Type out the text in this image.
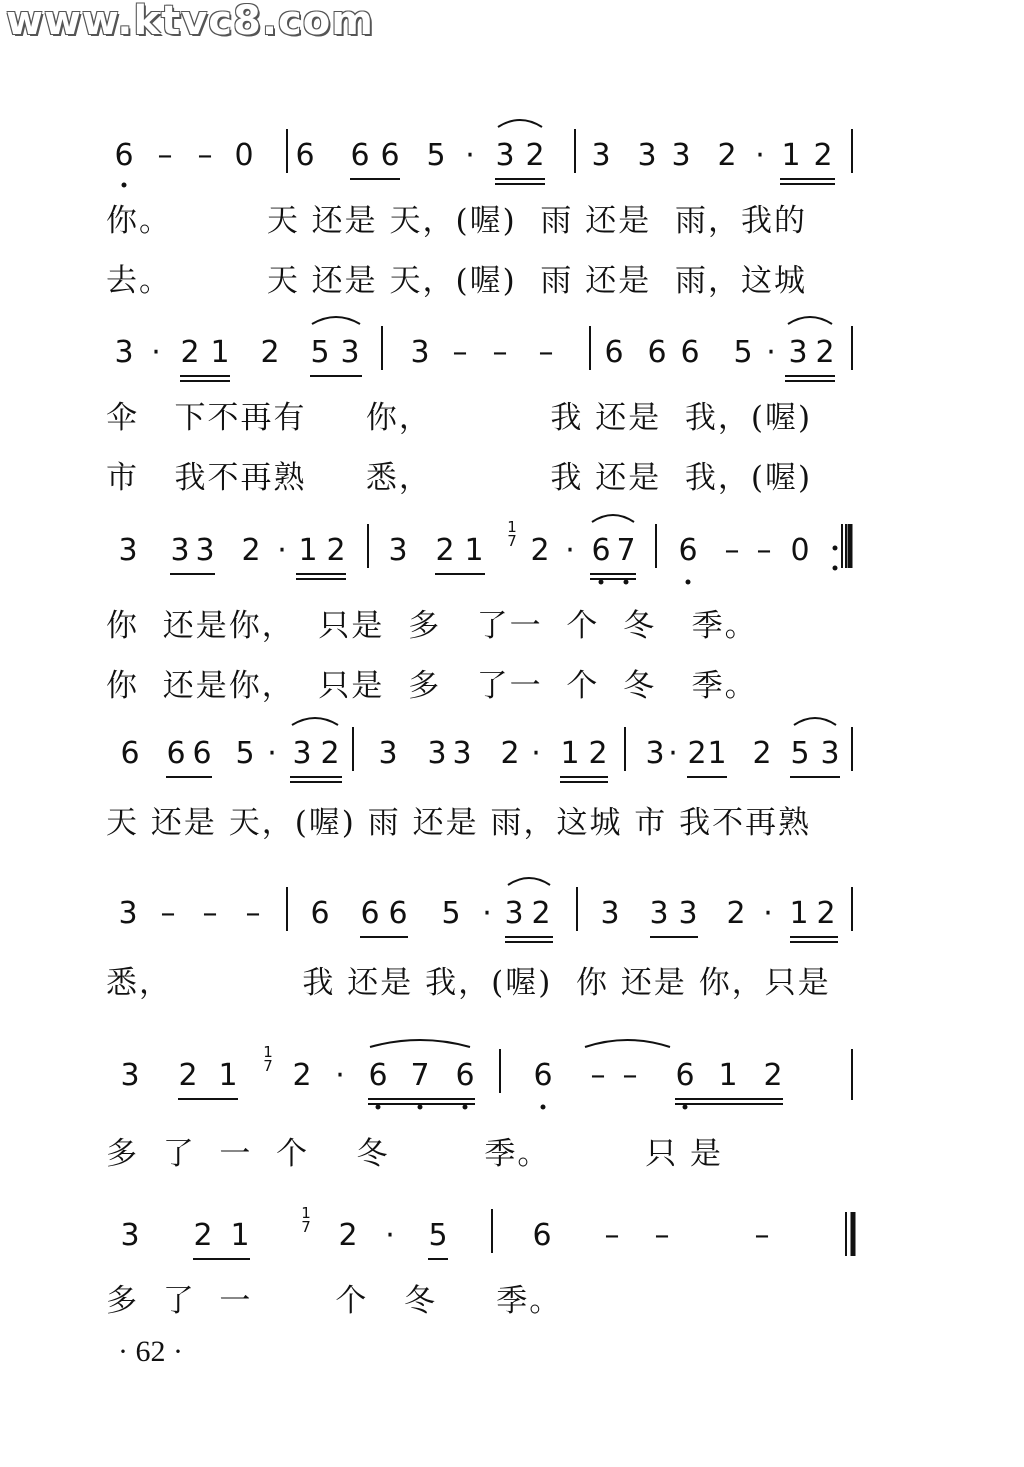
www.ktvc8.com
6 – – 0 6 6 6 5 · 3 2 3 3 3 2 · 1 2
3 · 2 1 2 5 3 3 – – – 6 6 6 5 · 3 2
3 3 3 2 · 1 2 3 2 1 2 · 6 7 6 – – 0
6 6 6 5 · 3 2 3 3 3 2 · 1 2 3 · 2 1 2 5 3
3 – – – 6 6 6 5 · 3 2 3 3 3 2 · 1 2
3 2 1 2 · 6 7 6 6 – – 6 1 2
3 2 1	2 · 5	6 – –	–
1
7
1
7
1
7
你。        天 还是 天，(喔)  雨 还是  雨，我的
去。        天 还是 天，(喔)  雨 还是  雨，这城
伞   下不再有     你，          我 还是  我，(喔)
市   我不再熟     悉，          我 还是  我，(喔)
你  还是你，  只是  多   了一  个  冬   季。
你  还是你，  只是  多   了一  个  冬   季。
天 还是 天，(喔) 雨 还是 雨，这城 市 我不再熟
悉，           我 还是 我，(喔)  你 还是 你，只是
多  了  一  个    冬        季。        只 是
多  了  一       个   冬     季。
· 62 ·
